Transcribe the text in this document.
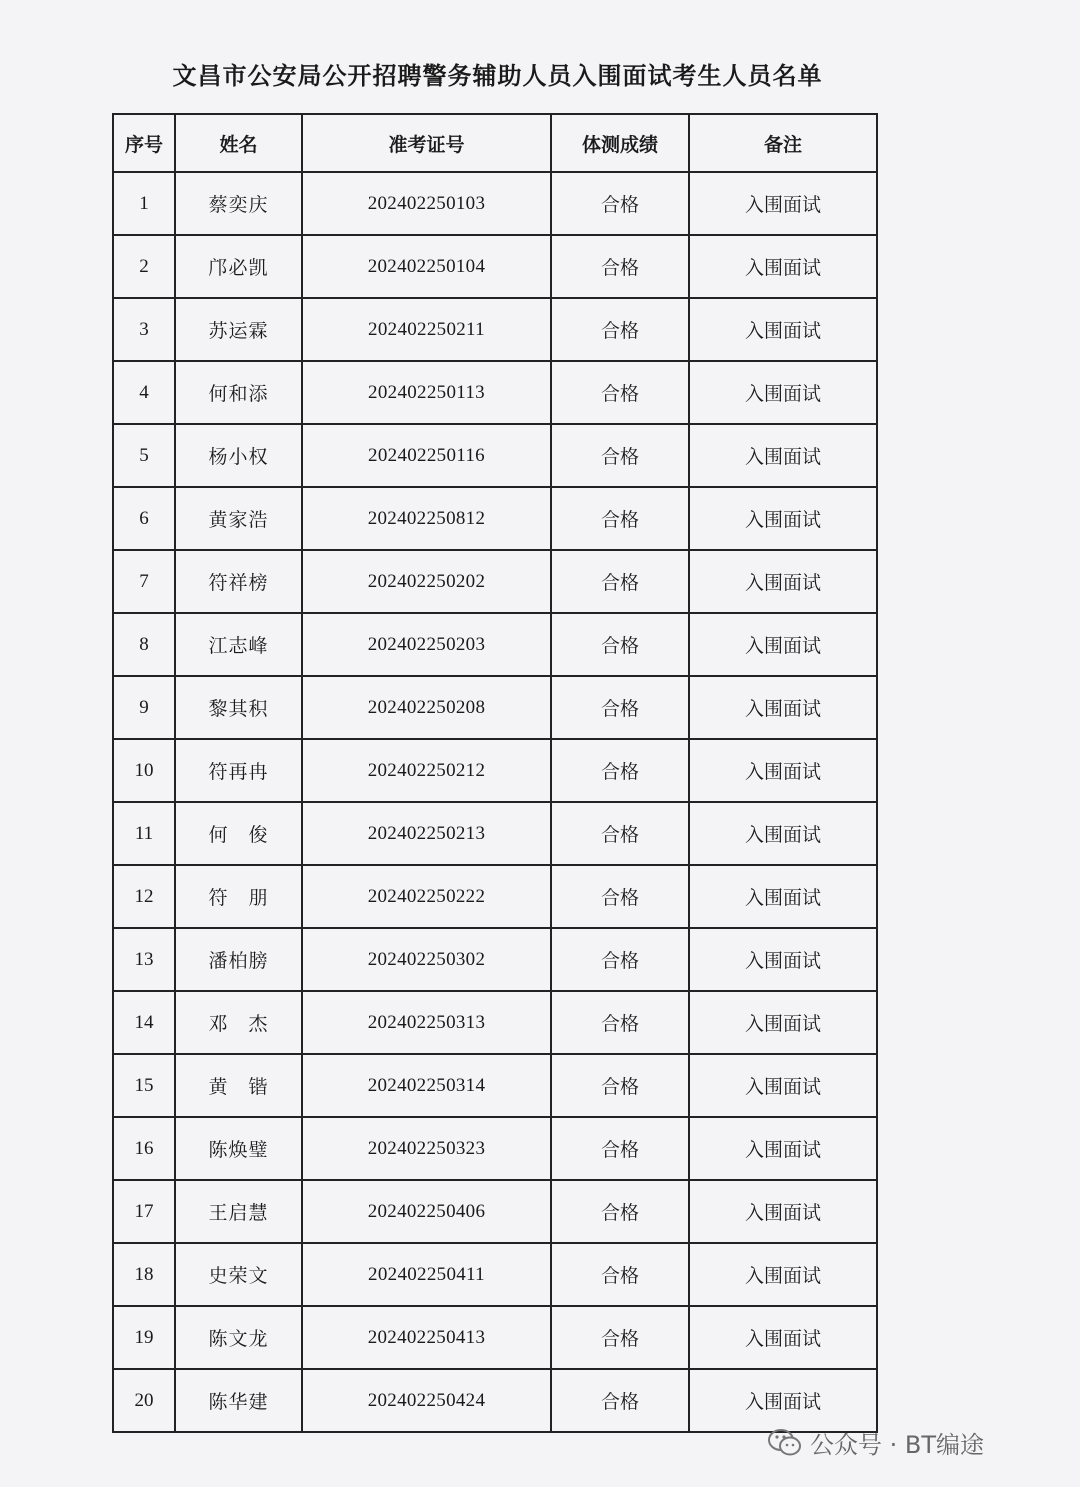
文昌市公安局公开招聘警务辅助人员入围面试考生人员名单
序号	姓名	准考证号	体测成绩	备注
1	蔡奕庆	202402250103	合格	入围面试
2	邝必凯	202402250104	合格	入围面试
3	苏运霖	202402250211	合格	入围面试
4	何和添	202402250113	合格	入围面试
5	杨小权	202402250116	合格	入围面试
6	黄家浩	202402250812	合格	入围面试
7	符祥榜	202402250202	合格	入围面试
8	江志峰	202402250203	合格	入围面试
9	黎其积	202402250208	合格	入围面试
10	符再冉	202402250212	合格	入围面试
11	何　俊	202402250213	合格	入围面试
12	符　朋	202402250222	合格	入围面试
13	潘柏膀	202402250302	合格	入围面试
14	邓　杰	202402250313	合格	入围面试
15	黄　锴	202402250314	合格	入围面试
16	陈焕璧	202402250323	合格	入围面试
17	王启慧	202402250406	合格	入围面试
18	史荣文	202402250411	合格	入围面试
19	陈文龙	202402250413	合格	入围面试
20	陈华建	202402250424	合格	入围面试
公众号 · BT编途
